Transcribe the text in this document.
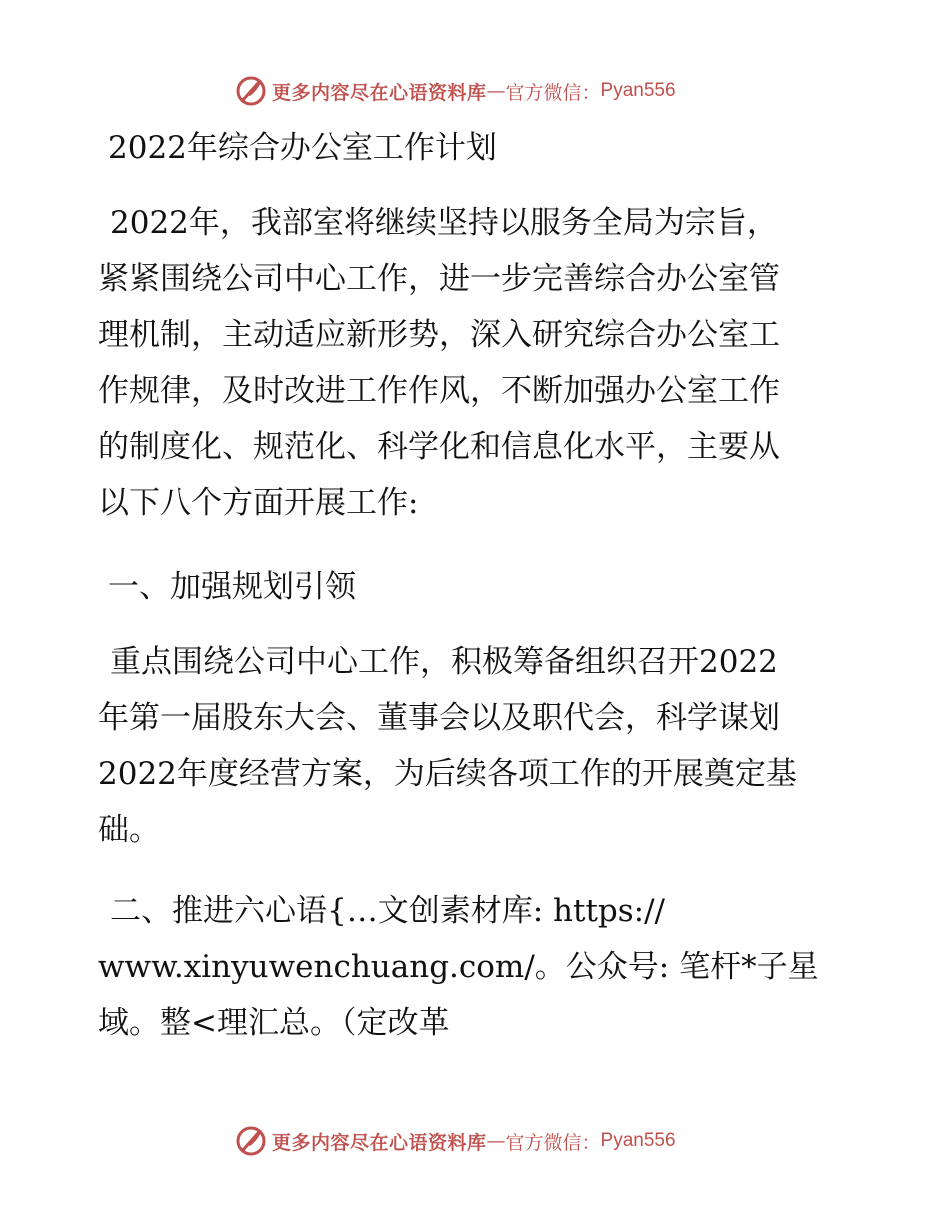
更多内容尽在心语资料库 — 官方微信： Pyan556
2022年综合办公室工作计划
2022年，我部室将继续坚持以服务全局为宗旨，
紧紧围绕公司中心工作，进一步完善综合办公室管
理机制，主动适应新形势，深入研究综合办公室工
作规律，及时改进工作作风，不断加强办公室工作
的制度化、规范化、科学化和信息化水平，主要从
以下八个方面开展工作:
一、加强规划引领
重点围绕公司中心工作，积极筹备组织召开2022
年第一届股东大会、董事会以及职代会，科学谋划
2022年度经营方案，为后续各项工作的开展奠定基
础。
二、推进六心语{…文创素材库: https://
www.xinyuwenchuang.com/。公众号: 笔杆*子星
域。整<理汇总。（定改革
更多内容尽在心语资料库 — 官方微信： Pyan556
